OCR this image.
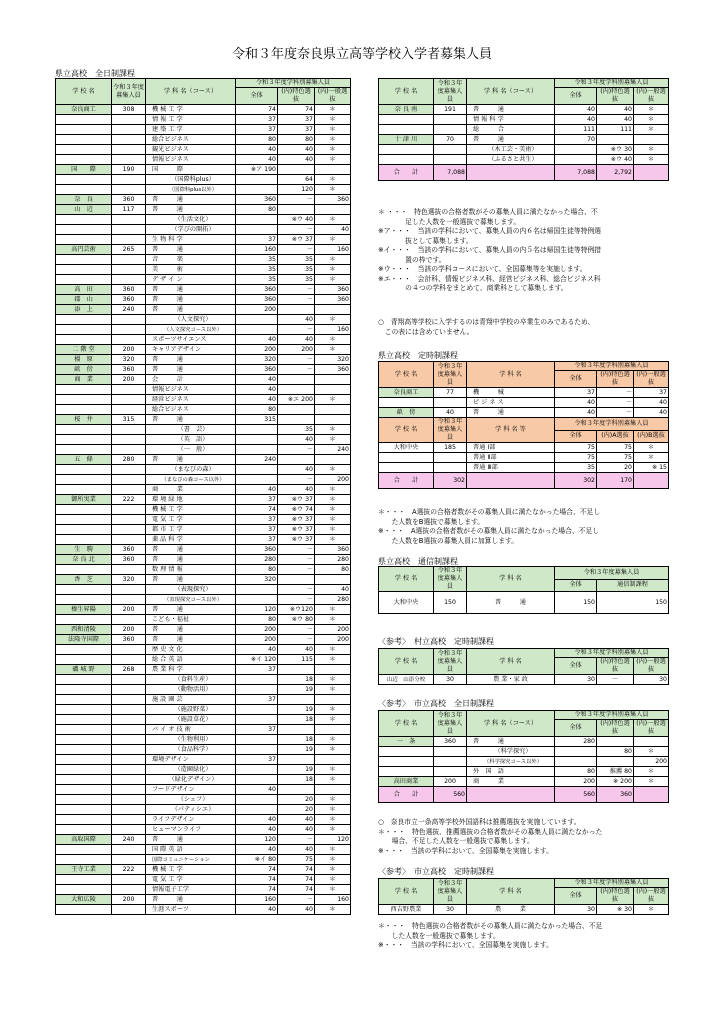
令和３年度奈良県立高等学校入学者募集人員
県立高校　全日制課程
学 校 名	令和３年度募集人員	学 科 名（コース）	令和３年度学科別募集人員		
			全体	(内)特色選抜	(内)一般選抜
奈良商工	308	機 械 工 学	74	74	＊
		情 報 工 学	37	37	＊
		建 築 工 学	37	37	＊
		総合ビジネス	80	80	＊
		観光ビジネス	40	40	＊
		情報ビジネス	40	40	＊
国　　際	190	国　　　際	※ア 190		
		（国際科plus）		64	＊
		（国際科plus以外）		120	＊
奈　良	360	普　　　通	360	－	360
山　辺	117	普　　　通	80		
		（生活文化）		※ウ 40	＊
		（学びの開拓）		－	40
		生 物 科 学	37	※ウ 37	＊
高円芸術	265	普　　　通	160	－	160
		音　　　楽	35	35	＊
		美　　　術	35	35	＊
		デ ザ イ ン	35	35	＊
高　田	360	普　　　通	360	－	360
郡　山	360	普　　　通	360	－	360
添　上	240	普　　　通	200		
		（人文探究）		40	＊
		（人文探究コース以外）		－	160
		スポーツサイエンス	40	40	＊
二 階 堂	200	キャリアデザイン	200	200	＊
橿　原	320	普　　　通	320	－	320
畝　傍	360	普　　　通	360	－	360
商　業	200	会　　　計	40		
		情報ビジネス	40		
		経営ビジネス	40	※エ 200	＊
		総合ビジネス	80		
桜　井	315	普　　　通	315		
		（書　芸）		35	＊
		（英　語）		40	＊
		（一　般）		－	240
五　條	280	普　　　通	240		
		（まなびの森）		40	＊
		（まなびの森コース以外）		－	200
		商　　　業	40	40	＊
御所実業	222	環 境 緑 地	37	※ウ 37	＊
		機 械 工 学	74	※ウ 74	＊
		電 気 工 学	37	※ウ 37	＊
		都 市 工 学	37	※ウ 37	＊
		薬 品 科 学	37	※ウ 37	＊
生　駒	360	普　　　通	360	－	360
奈 良 北	360	普　　　通	280	－	280
		数 理 情 報	80	－	80
香　芝	320	普　　　通	320		
		（表現探究）		－	40
		（表現探究コース以外）		－	280
榛生昇陽	200	普　　　通	120	※ウ120	＊
		こども・福祉	80	※ウ 80	＊
西和清陵	200	普　　　通	200	－	200
法隆寺国際	360	普　　　通	200	－	200
		歴 史 文 化	40	40	＊
		総 合 英 語	※イ 120	115	＊
磯 城 野	268	農 業 科 学	37		
		（食料生産）		18	＊
		（動物活用）		19	＊
		施 設 園 芸	37		
		（施設野菜）		19	＊
		（施設草花）		18	＊
		バ イ オ 技 術	37		
		（生物利用）		18	＊
		（食品科学）		19	＊
		環境デザイン	37		
		（造園緑化）		19	＊
		（緑化デザイン）		18	＊
		フードデザイン	40		
		（シェフ）		20	＊
		（パティシエ）		20	＊
		ライフデザイン	40	40	＊
		ヒューマンライフ	40	40	＊
高取国際	240	普　　　通	120	－	120
		国 際 英 語	40	40	＊
		国際コミュニケーション	※イ 80	75	＊
王寺工業	222	機 械 工 学	74	74	＊
		電 気 工 学	74	74	＊
		情報電子工学	74	74	＊
大和広陵	200	普　　　通	160	－	160
		生涯スポーツ	40	40	＊
学 校 名	令和３年度募集人員	学 科 名（コース）	令和３年度学科別募集人員		
			全体	(内)特色選抜	(内)一般選抜
奈 良 南	191	普　　　通	40	40	＊
		情 報 科 学	40	40	＊
		総　　　合	111	111	＊
十 津 川	70	普　　　通	70		
		（木工芸・美術）		※ウ 30	＊
		（ふるさと共生）		※ウ 40	＊
合　　計	7,088		7,088	2,792	
＊ ・・・　特色選抜の合格者数がその募集人員に満たなかった場合、不
　　　　足した人数を一般選抜で募集します。
※ア・・・　当該の学科において、募集人員の内６名は帰国生徒等特例選
　　　　抜として募集します。
※イ・・・　当該の学科において、募集人員の内５名は帰国生徒等特例措
　　　　置の枠です。
※ウ・・・　当該の学科コースにおいて、全国募集等を実施します。
※エ・・・　会計科、情報ビジネス科、経営ビジネス科、総合ビジネス科
　　　　の４つの学科をまとめて、商業科として募集します。
○　青翔高等学校に入学するのは青翔中学校の卒業生のみであるため、
　この表には含めていません。
県立高校　定時制課程
学 校 名	令和３年度募集人員	学 科 名	令和３年度学科別募集人員		
			全体	(内)特色選抜	(内)一般選抜
奈良商工	77	機　　　械	37	－	37
		ビ ジ ネ ス	40	－	40
畝　傍	40	普　　　通	40	－	40
学 校 名	令和３年度募集人員	学 科 名 等	令和３年度学科別募集人員		
			全体	(内)A選抜	(内)B選抜
大和中央	185	普通 Ⅰ部	75	75	＊
		普通 Ⅱ部	75	75	＊
		普通 Ⅲ部	35	20	※ 15
合　　計	302		302	170	
＊・・・　A選抜の合格者数がその募集人員に満たなかった場合、不足し
　　た人数をB選抜で募集します。
※・・・　A選抜の合格者数がその募集人員に満たなかった場合、不足し
　　た人数をB選抜の募集人員に加算します。
県立高校　通信制課程
学 校 名	令和３年度募集人員	学 科 名	令和３年度募集人員	
			全体	通信制課程
大和中央	150	普　　　通	150	150
〈参考〉　村立高校　定時制課程
学 校 名	令和３年度募集人員	学 科 名	令和３年度学科別募集人員		
			全体	(内)特色選抜	(内)一般選抜
山辺　山添分校	30	農 業・家 政	30	－	30
〈参考〉　市立高校　全日制課程
学 校 名	令和３年度募集人員	学 科 名（コース）	令和３年度学科別募集人員		
			全体	(内)特色選抜	(内)一般選抜
一　条	360	普　　　通	280		
		（科学探究）		80	＊
		（科学探究コース以外）			200
		外　国　語	80	推薦 80	＊
高田商業	200	商　　　業	200	※ 200	＊
合　　計	560		560	360	
○　奈良市立一条高等学校外国語科は推薦選抜を実施しています。
＊・・・　特色選抜、推薦選抜の合格者数がその募集人員に満たなかった
　　場合、不足した人数を一般選抜で募集します。
※・・・　当該の学科において、全国募集を実施します。
〈参考〉　市立高校　定時制課程
学 校 名	令和３年度募集人員	学 科 名	令和３年度学科別募集人員		
			全体	(内)特色選抜	(内)一般選抜
西吉野農業	30	農　　　業	30	※ 30	＊
＊・・・　特色選抜の合格者数がその募集人員に満たなかった場合、不足
　　した人数を一般選抜で募集します。
※・・・　当該の学科において、全国募集を実施します。
